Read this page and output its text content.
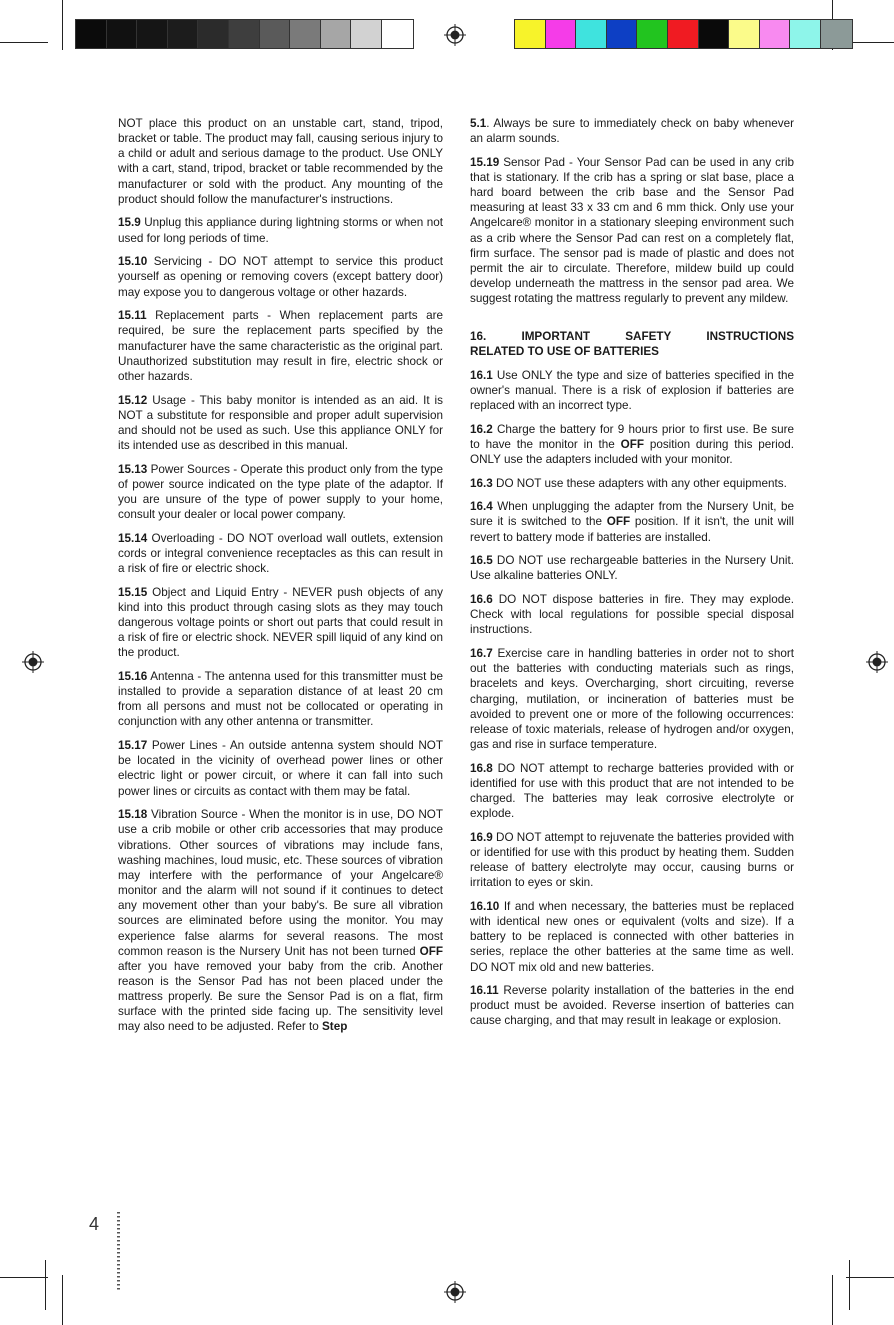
NOT place this product on an unstable cart, stand, tripod, bracket or table. The product may fall, causing serious injury to a child or adult and serious damage to the product. Use ONLY with a cart, stand, tripod, bracket or table recommended by the manufacturer or sold with the product. Any mounting of the product should follow the manufacturer's instructions.

15.9 Unplug this appliance during lightning storms or when not used for long periods of time.

15.10 Servicing - DO NOT attempt to service this product yourself as opening or removing covers (except battery door) may expose you to dangerous voltage or other hazards.

15.11 Replacement parts - When replacement parts are required, be sure the replacement parts specified by the manufacturer have the same characteristic as the original part. Unauthorized substitution may result in fire, electric shock or other hazards.

15.12 Usage - This baby monitor is intended as an aid. It is NOT a substitute for responsible and proper adult supervision and should not be used as such. Use this appliance ONLY for its intended use as described in this manual.

15.13 Power Sources - Operate this product only from the type of power source indicated on the type plate of the adaptor. If you are unsure of the type of power supply to your home, consult your dealer or local power company.

15.14 Overloading - DO NOT overload wall outlets, extension cords or integral convenience receptacles as this can result in a risk of fire or electric shock.

15.15 Object and Liquid Entry - NEVER push objects of any kind into this product through casing slots as they may touch dangerous voltage points or short out parts that could result in a risk of fire or electric shock. NEVER spill liquid of any kind on the product.

15.16 Antenna - The antenna used for this transmitter must be installed to provide a separation distance of at least 20 cm from all persons and must not be collocated or operating in conjunction with any other antenna or transmitter.

15.17 Power Lines - An outside antenna system should NOT be located in the vicinity of overhead power lines or other electric light or power circuit, or where it can fall into such power lines or circuits as contact with them may be fatal.

15.18 Vibration Source - When the monitor is in use, DO NOT use a crib mobile or other crib accessories that may produce vibrations. Other sources of vibrations may include fans, washing machines, loud music, etc. These sources of vibration may interfere with the performance of your Angelcare® monitor and the alarm will not sound if it continues to detect any movement other than your baby's. Be sure all vibration sources are eliminated before using the monitor. You may experience false alarms for several reasons. The most common reason is the Nursery Unit has not been turned OFF after you have removed your baby from the crib. Another reason is the Sensor Pad has not been placed under the mattress properly. Be sure the Sensor Pad is on a flat, firm surface with the printed side facing up. The sensitivity level may also need to be adjusted. Refer to Step

5.1. Always be sure to immediately check on baby whenever an alarm sounds.

15.19 Sensor Pad - Your Sensor Pad can be used in any crib that is stationary. If the crib has a spring or slat base, place a hard board between the crib base and the Sensor Pad measuring at least 33 x 33 cm and 6 mm thick. Only use your Angelcare® monitor in a stationary sleeping environment such as a crib where the Sensor Pad can rest on a completely flat, firm surface. The sensor pad is made of plastic and does not permit the air to circulate. Therefore, mildew build up could develop underneath the mattress in the sensor pad area. We suggest rotating the mattress regularly to prevent any mildew.

16. IMPORTANT SAFETY INSTRUCTIONS
RELATED TO USE OF BATTERIES

16.1 Use ONLY the type and size of batteries specified in the owner's manual. There is a risk of explosion if batteries are replaced with an incorrect type.

16.2 Charge the battery for 9 hours prior to first use. Be sure to have the monitor in the OFF position during this period. ONLY use the adapters included with your monitor.

16.3 DO NOT use these adapters with any other equipments.

16.4 When unplugging the adapter from the Nursery Unit, be sure it is switched to the OFF position. If it isn't, the unit will revert to battery mode if batteries are installed.

16.5 DO NOT use rechargeable batteries in the Nursery Unit. Use alkaline batteries ONLY.

16.6 DO NOT dispose batteries in fire. They may explode. Check with local regulations for possible special disposal instructions.

16.7 Exercise care in handling batteries in order not to short out the batteries with conducting materials such as rings, bracelets and keys. Overcharging, short circuiting, reverse charging, mutilation, or incineration of batteries must be avoided to prevent one or more of the following occurrences: release of toxic materials, release of hydrogen and/or oxygen, gas and rise in surface temperature.

16.8 DO NOT attempt to recharge batteries provided with or identified for use with this product that are not intended to be charged. The batteries may leak corrosive electrolyte or explode.

16.9 DO NOT attempt to rejuvenate the batteries provided with or identified for use with this product by heating them. Sudden release of battery electrolyte may occur, causing burns or irritation to eyes or skin.

16.10 If and when necessary, the batteries must be replaced with identical new ones or equivalent (volts and size). If a battery to be replaced is connected with other batteries in series, replace the other batteries at the same time as well. DO NOT mix old and new batteries.

16.11 Reverse polarity installation of the batteries in the end product must be avoided. Reverse insertion of batteries can cause charging, and that may result in leakage or explosion.

4
